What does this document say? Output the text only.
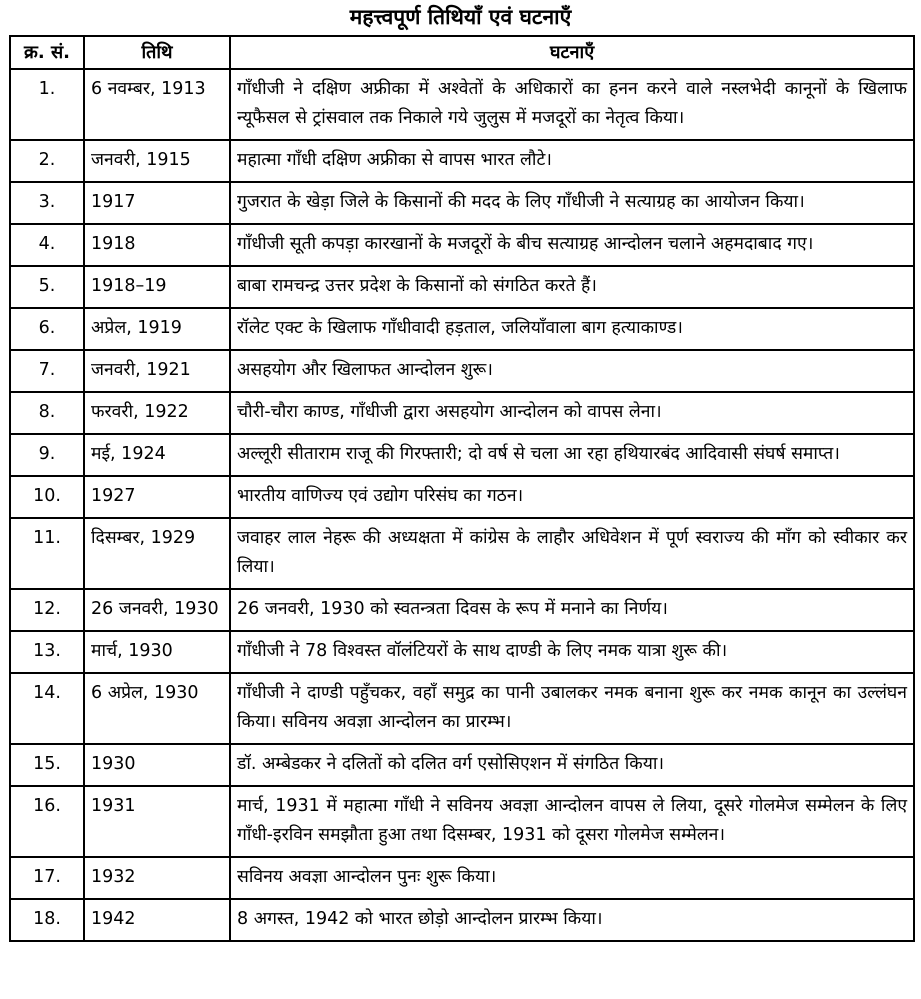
महत्त्वपूर्ण तिथियाँ एवं घटनाएँ
क्र. सं.	तिथि	घटनाएँ
1.	6 नवम्बर, 1913	गाँधीजी ने दक्षिण अफ्रीका में अश्वेतों के अधिकारों का हनन करने वाले नस्लभेदी कानूनों के खिलाफ न्यूफैसल से ट्रांसवाल तक निकाले गये जुलुस में मजदूरों का नेतृत्व किया।
2.	जनवरी, 1915	महात्मा गाँधी दक्षिण अफ्रीका से वापस भारत लौटे।
3.	1917	गुजरात के खेड़ा जिले के किसानों की मदद के लिए गाँधीजी ने सत्याग्रह का आयोजन किया।
4.	1918	गाँधीजी सूती कपड़ा कारखानों के मजदूरों के बीच सत्याग्रह आन्दोलन चलाने अहमदाबाद गए।
5.	1918–19	बाबा रामचन्द्र उत्तर प्रदेश के किसानों को संगठित करते हैं।
6.	अप्रेल, 1919	रॉलेट एक्ट के खिलाफ गाँधीवादी हड़ताल, जलियाँवाला बाग हत्याकाण्ड।
7.	जनवरी, 1921	असहयोग और खिलाफत आन्दोलन शुरू।
8.	फरवरी, 1922	चौरी-चौरा काण्ड, गाँधीजी द्वारा असहयोग आन्दोलन को वापस लेना।
9.	मई, 1924	अल्लूरी सीताराम राजू की गिरफ्तारी; दो वर्ष से चला आ रहा हथियारबंद आदिवासी संघर्ष समाप्त।
10.	1927	भारतीय वाणिज्य एवं उद्योग परिसंघ का गठन।
11.	दिसम्बर, 1929	जवाहर लाल नेहरू की अध्यक्षता में कांग्रेस के लाहौर अधिवेशन में पूर्ण स्वराज्य की माँग को स्वीकार कर लिया।
12.	26 जनवरी, 1930	26 जनवरी, 1930 को स्वतन्त्रता दिवस के रूप में मनाने का निर्णय।
13.	मार्च, 1930	गाँधीजी ने 78 विश्वस्त वॉलंटियरों के साथ दाण्डी के लिए नमक यात्रा शुरू की।
14.	6 अप्रेल, 1930	गाँधीजी ने दाण्डी पहुँचकर, वहाँ समुद्र का पानी उबालकर नमक बनाना शुरू कर नमक कानून का उल्लंघन किया। सविनय अवज्ञा आन्दोलन का प्रारम्भ।
15.	1930	डॉ. अम्बेडकर ने दलितों को दलित वर्ग एसोसिएशन में संगठित किया।
16.	1931	मार्च, 1931 में महात्मा गाँधी ने सविनय अवज्ञा आन्दोलन वापस ले लिया, दूसरे गोलमेज सम्मेलन के लिए गाँधी-इरविन समझौता हुआ तथा दिसम्बर, 1931 को दूसरा गोलमेज सम्मेलन।
17.	1932	सविनय अवज्ञा आन्दोलन पुनः शुरू किया।
18.	1942	8 अगस्त, 1942 को भारत छोड़ो आन्दोलन प्रारम्भ किया।
